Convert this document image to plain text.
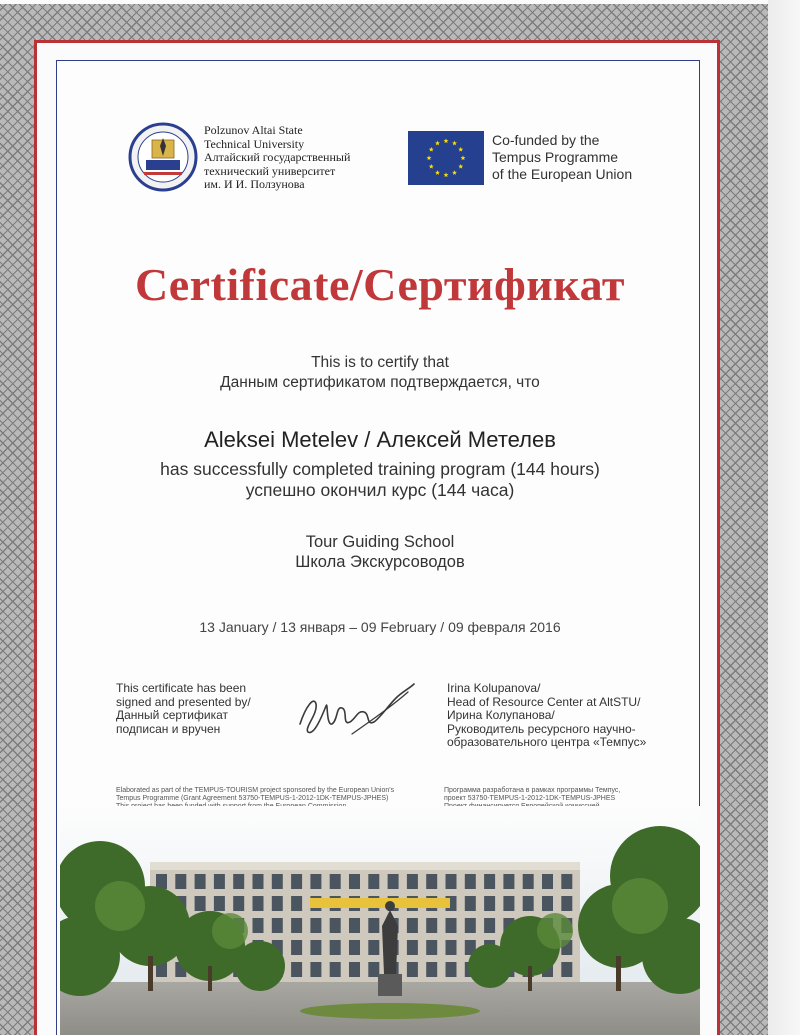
Polzunov Altai State
Technical University
Алтайский государственный
технический университет
им. И И. Ползунова
Co-funded by the
Tempus Programme
of the European Union
Certificate/Сертификат
This is to certify that
Данным сертификатом подтверждается, что
Aleksei Metelev / Алексей Метелев
has successfully completed training program (144 hours)
успешно окончил курс (144 часа)
Tour Guiding School
Школа Экскурсоводов
13 January / 13 января – 09 February / 09 февраля 2016
This certificate has been
signed and presented by/
Данный сертификат
подписан и вручен
Irina Kolupanova/
Head of Resource Center at AltSTU/
Ирина Колупанова/
Руководитель ресурсного научно-
образовательного центра «Темпус»
Elaborated as part of the TEMPUS-TOURISM project sponsored by the European Union's
Tempus Programme (Grant Agreement 53750-TEMPUS-1-2012-1DK-TEMPUS-JPHES)
Программа разработана в рамках программы Темпус,
проект 53750-TEMPUS-1-2012-1DK-TEMPUS-JPHES
